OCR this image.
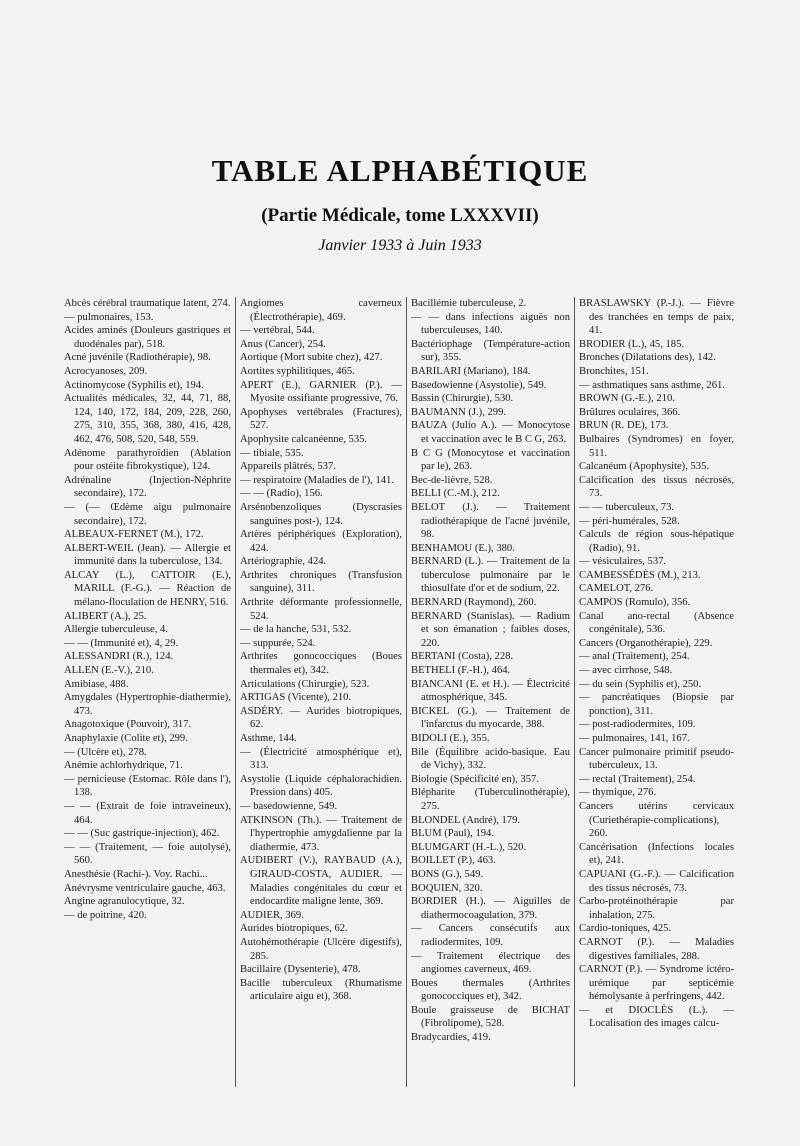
TABLE ALPHABÉTIQUE
(Partie Médicale, tome LXXXVII)
Janvier 1933 à Juin 1933

Abcès cérébral traumatique latent, 274.

— pulmonaires, 153.

Acides aminés (Douleurs gastriques et duodénales par), 518.

Acné juvénile (Radiothérapie), 98.

Acrocyanoses, 209.

Actinomycose (Syphilis et), 194.

Actualités médicales, 32, 44, 71, 88, 124, 140, 172, 184, 209, 228, 260, 275, 310, 355, 368, 380, 416, 428, 462, 476, 508, 520, 548, 559.

Adénome parathyroïdien (Ablation pour ostéite fibrokystique), 124.

Adrénaline (Injection-Néphrite secondaire), 172.

— (— Œdème aigu pulmonaire secondaire), 172.

ALBEAUX-FERNET (M.), 172.

ALBERT-WEIL (Jean). — Allergie et immunité dans la tuberculose, 134.

ALCAY (L.), CATTOIR (E.), MARILL (F.-G.). — Réaction de mélano-floculation de HENRY, 516.

ALIBERT (A.), 25.

Allergie tuberculeuse, 4.

— — (Immunité et), 4, 29.

ALESSANDRI (R.), 124.

ALLEN (E.-V.), 210.

Amibiase, 488.

Amygdales (Hypertrophie-diathermie), 473.

Anagotoxique (Pouvoir), 317.

Anaphylaxie (Colite et), 299.

— (Ulcère et), 278.

Anémie achlorhydrique, 71.

— pernicieuse (Estomac. Rôle dans l'), 138.

— — (Extrait de foie intraveineux), 464.

— — (Suc gastrique-injection), 462.

— — (Traitement, — foie autolysé), 560.

Anesthésie (Rachi-). Voy. Rachi...

Anévrysme ventriculaire gauche, 463.

Angine agranulocytique, 32.

— de poitrine, 420.

Angiomes caverneux (Électrothérapie), 469.

— vertébral, 544.

Anus (Cancer), 254.

Aortique (Mort subite chez), 427.

Aortites syphilitiques, 465.

APERT (E.), GARNIER (P.). — Myosite ossifiante progressive, 76.

Apophyses vertébrales (Fractures), 527.

Apophysite calcanéenne, 535.

— tibiale, 535.

Appareils plâtrés, 537.

— respiratoire (Maladies de l'), 141.

— — (Radio), 156.

Arsénobenzoliques (Dyscrasies sanguines post-), 124.

Artères périphériques (Exploration), 424.

Artériographie, 424.

Arthrites chroniques (Transfusion sanguine), 311.

Arthrite déformante professionnelle, 524.

— de la hanche, 531, 532.

— suppurée, 524.

Arthrites gonococciques (Boues thermales et), 342.

Articulations (Chirurgie), 523.

ARTIGAS (Vicente), 210.

ASDÉRY. — Aurides biotropiques, 62.

Asthme, 144.

— (Électricité atmosphérique et), 313.

Asystolie (Liquide céphalorachidien. Pression dans) 405.

— basedowienne, 549.

ATKINSON (Th.). — Traitement de l'hypertrophie amygdalienne par la diathermie, 473.

AUDIBERT (V.), RAYBAUD (A.), GIRAUD-COSTA, AUDIER. — Maladies congénitales du cœur et endocardite maligne lente, 369.

AUDIER, 369.

Aurides biotropiques, 62.

Autohémothérapie (Ulcère digestifs), 285.

Bacillaire (Dysenterie), 478.

Bacille tuberculeux (Rhumatisme articulaire aigu et), 368.

Bacillémie tuberculeuse, 2.

— — dans infections aiguës non tuberculeuses, 140.

Bactériophage (Température-action sur), 355.

BARILARI (Mariano), 184.

Basedowienne (Asystolie), 549.

Bassin (Chirurgie), 530.

BAUMANN (J.), 299.

BAUZA (Julio A.). — Monocytose et vaccination avec le B C G, 263.

B C G (Monocytose et vaccination par le), 263.

Bec-de-lièvre, 528.

BELLI (C.-M.), 212.

BELOT (J.). — Traitement radiothérapique de l'acné juvénile, 98.

BENHAMOU (E.), 380.

BERNARD (L.). — Traitement de la tuberculose pulmonaire par le thiosulfate d'or et de sodium, 22.

BERNARD (Raymond), 260.

BERNARD (Stanislas). — Radium et son émanation ; faibles doses, 220.

BERTANI (Costa), 228.

BETHELI (F.-H.), 464.

BIANCANI (E. et H.). — Électricité atmosphérique, 345.

BICKEL (G.). — Traitement de l'infarctus du myocarde, 388.

BIDOLI (E.), 355.

Bile (Équilibre acido-basique. Eau de Vichy), 332.

Biologie (Spécificité en), 357.

Blépharite (Tuberculinothérapie), 275.

BLONDEL (André), 179.

BLUM (Paul), 194.

BLUMGART (H.-L.), 520.

BOILLET (P.), 463.

BONS (G.), 549.

BOQUIEN, 320.

BORDIER (H.). — Aiguilles de diathermocoagulation, 379.

— Cancers consécutifs aux radiodermites, 109.

— Traitement électrique des angiomes caverneux, 469.

Boues thermales (Arthrites gonococciques et), 342.

Boule graisseuse de BICHAT (Fibrolipome), 528.

Bradycardies, 419.

BRASLAWSKY (P.-J.). — Fièvre des tranchées en temps de paix, 41.

BRODIER (L.), 45, 185.

Bronches (Dilatations des), 142.

Bronchites, 151.

— asthmatiques sans asthme, 261.

BROWN (G.-E.), 210.

Brûlures oculaires, 366.

BRUN (R. DE), 173.

Bulbaires (Syndromes) en foyer, 511.

Calcanéum (Apophysite), 535.

Calcification des tissus nécrosés, 73.

— — tuberculeux, 73.

— péri-humérales, 528.

Calculs de région sous-hépatique (Radio), 91.

— vésiculaires, 537.

CAMBESSÉDÈS (M.), 213.

CAMELOT, 276.

CAMPOS (Romulo), 356.

Canal ano-rectal (Absence congénitale), 536.

Cancers (Organothérapie), 229.

— anal (Traitement), 254.

— avec cirrhose, 548.

— du sein (Syphilis et), 250.

— pancréatiques (Biopsie par ponction), 311.

— post-radiodermites, 109.

— pulmonaires, 141, 167.

Cancer pulmonaire primitif pseudo-tuberculeux, 13.

— rectal (Traitement), 254.

— thymique, 276.

Cancers utérins cervicaux (Curiethérapie-complications), 260.

Cancérisation (Infections locales et), 241.

CAPUANI (G.-F.). — Calcification des tissus nécrosés, 73.

Carbo-protéinothérapie par inhalation, 275.

Cardio-toniques, 425.

CARNOT (P.). — Maladies digestives familiales, 288.

CARNOT (P.). — Syndrome ictéro-urémique par septicémie hémolysante à perfringens, 442.

— et DIOCLÈS (L.). — Localisation des images calcu-
